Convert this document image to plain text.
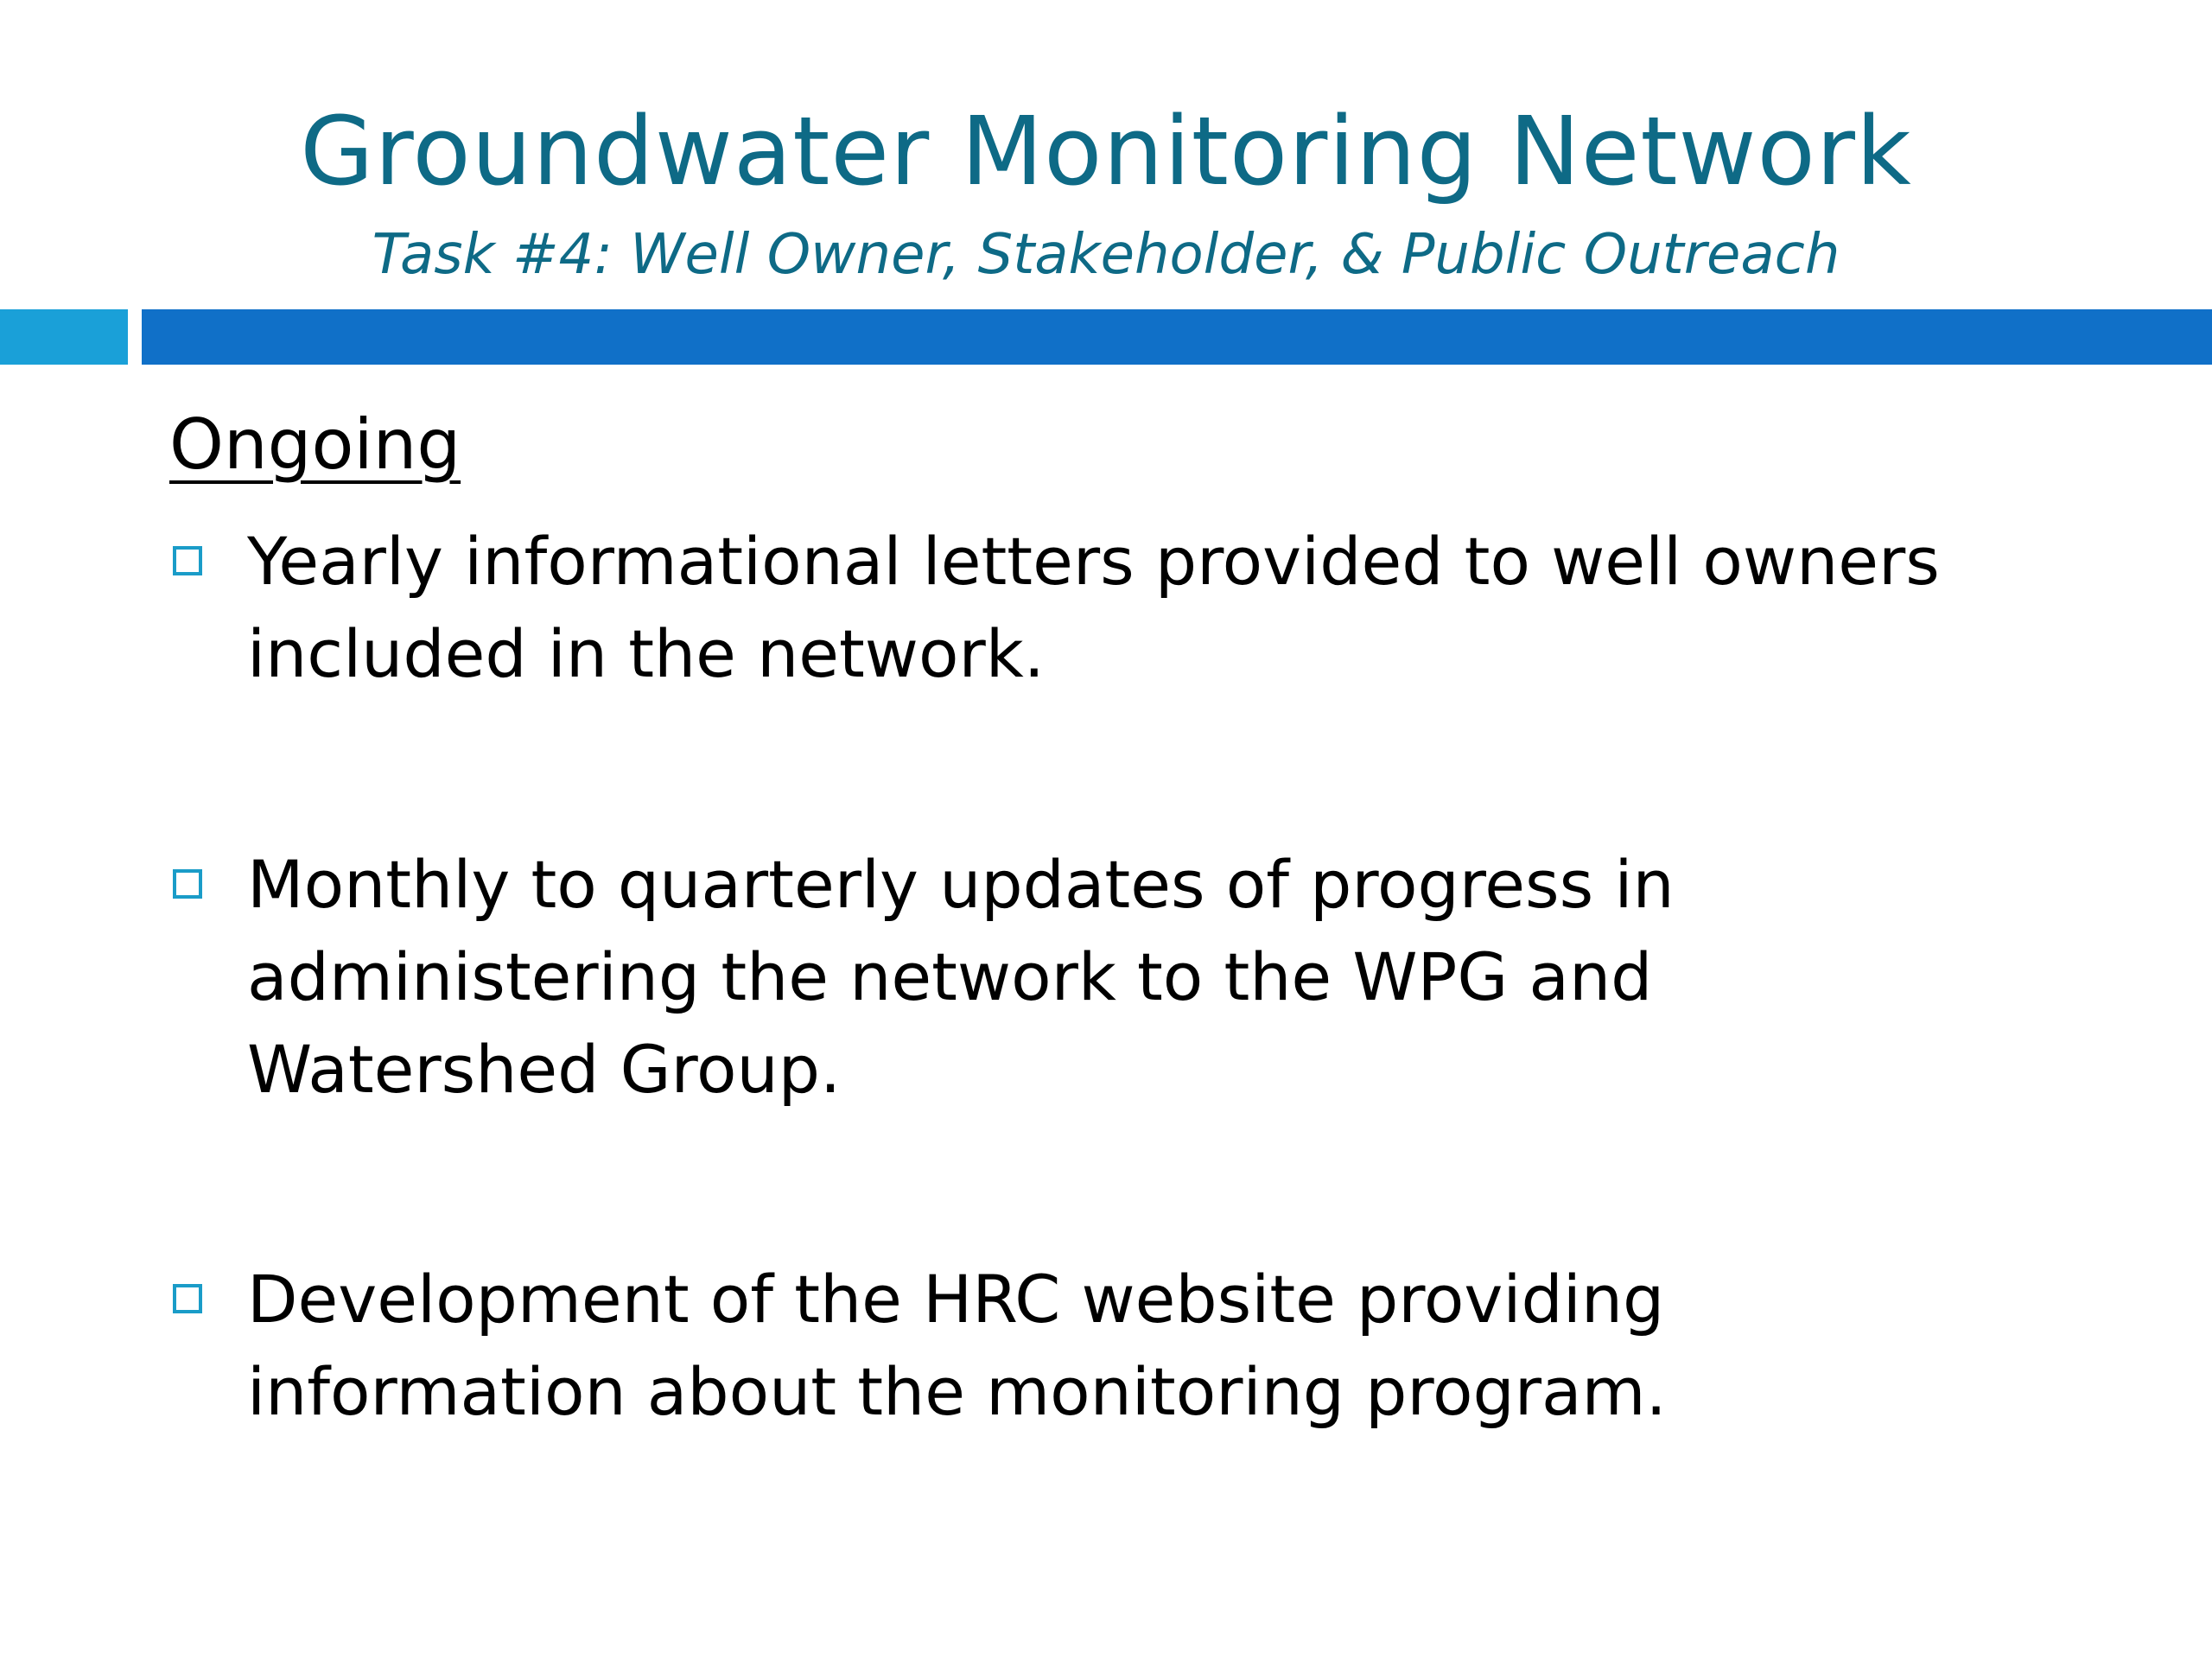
Groundwater Monitoring Network
Task #4: Well Owner, Stakeholder, & Public Outreach
Ongoing

Yearly informational letters provided to well owners included in the network.

Monthly to quarterly updates of progress in administering the network to the WPG and Watershed Group.

Development of the HRC website providing information about the monitoring program.
